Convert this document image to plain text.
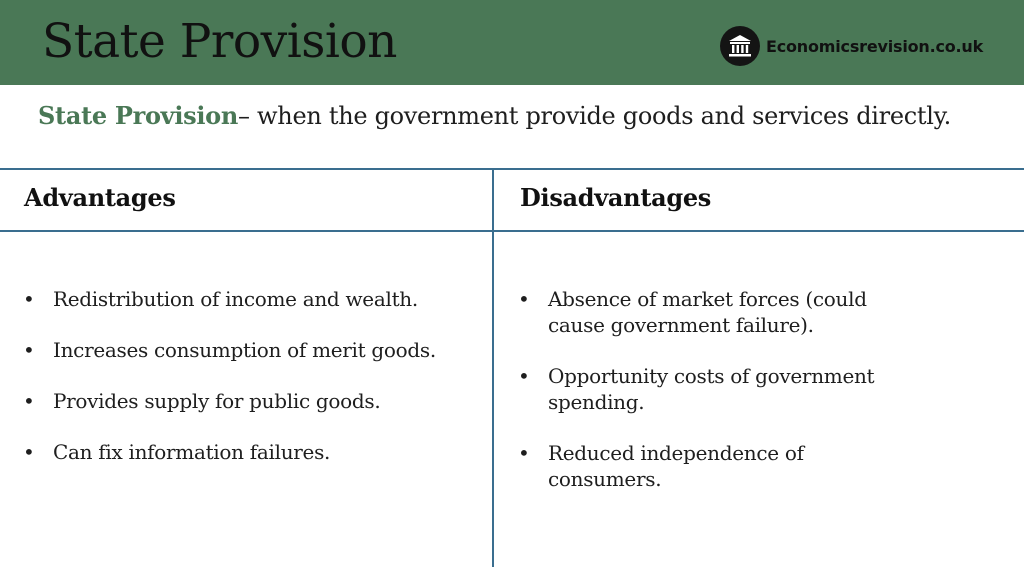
State Provision	Economicsrevision.co.uk
State Provision– when the government provide goods and services directly.
Advantages	Disadvantages
• Redistribution of income and wealth.
• Increases consumption of merit goods.
• Provides supply for public goods.
• Can fix information failures.
• Absence of market forces (could cause government failure).
• Opportunity costs of government spending.
• Reduced independence of consumers.
